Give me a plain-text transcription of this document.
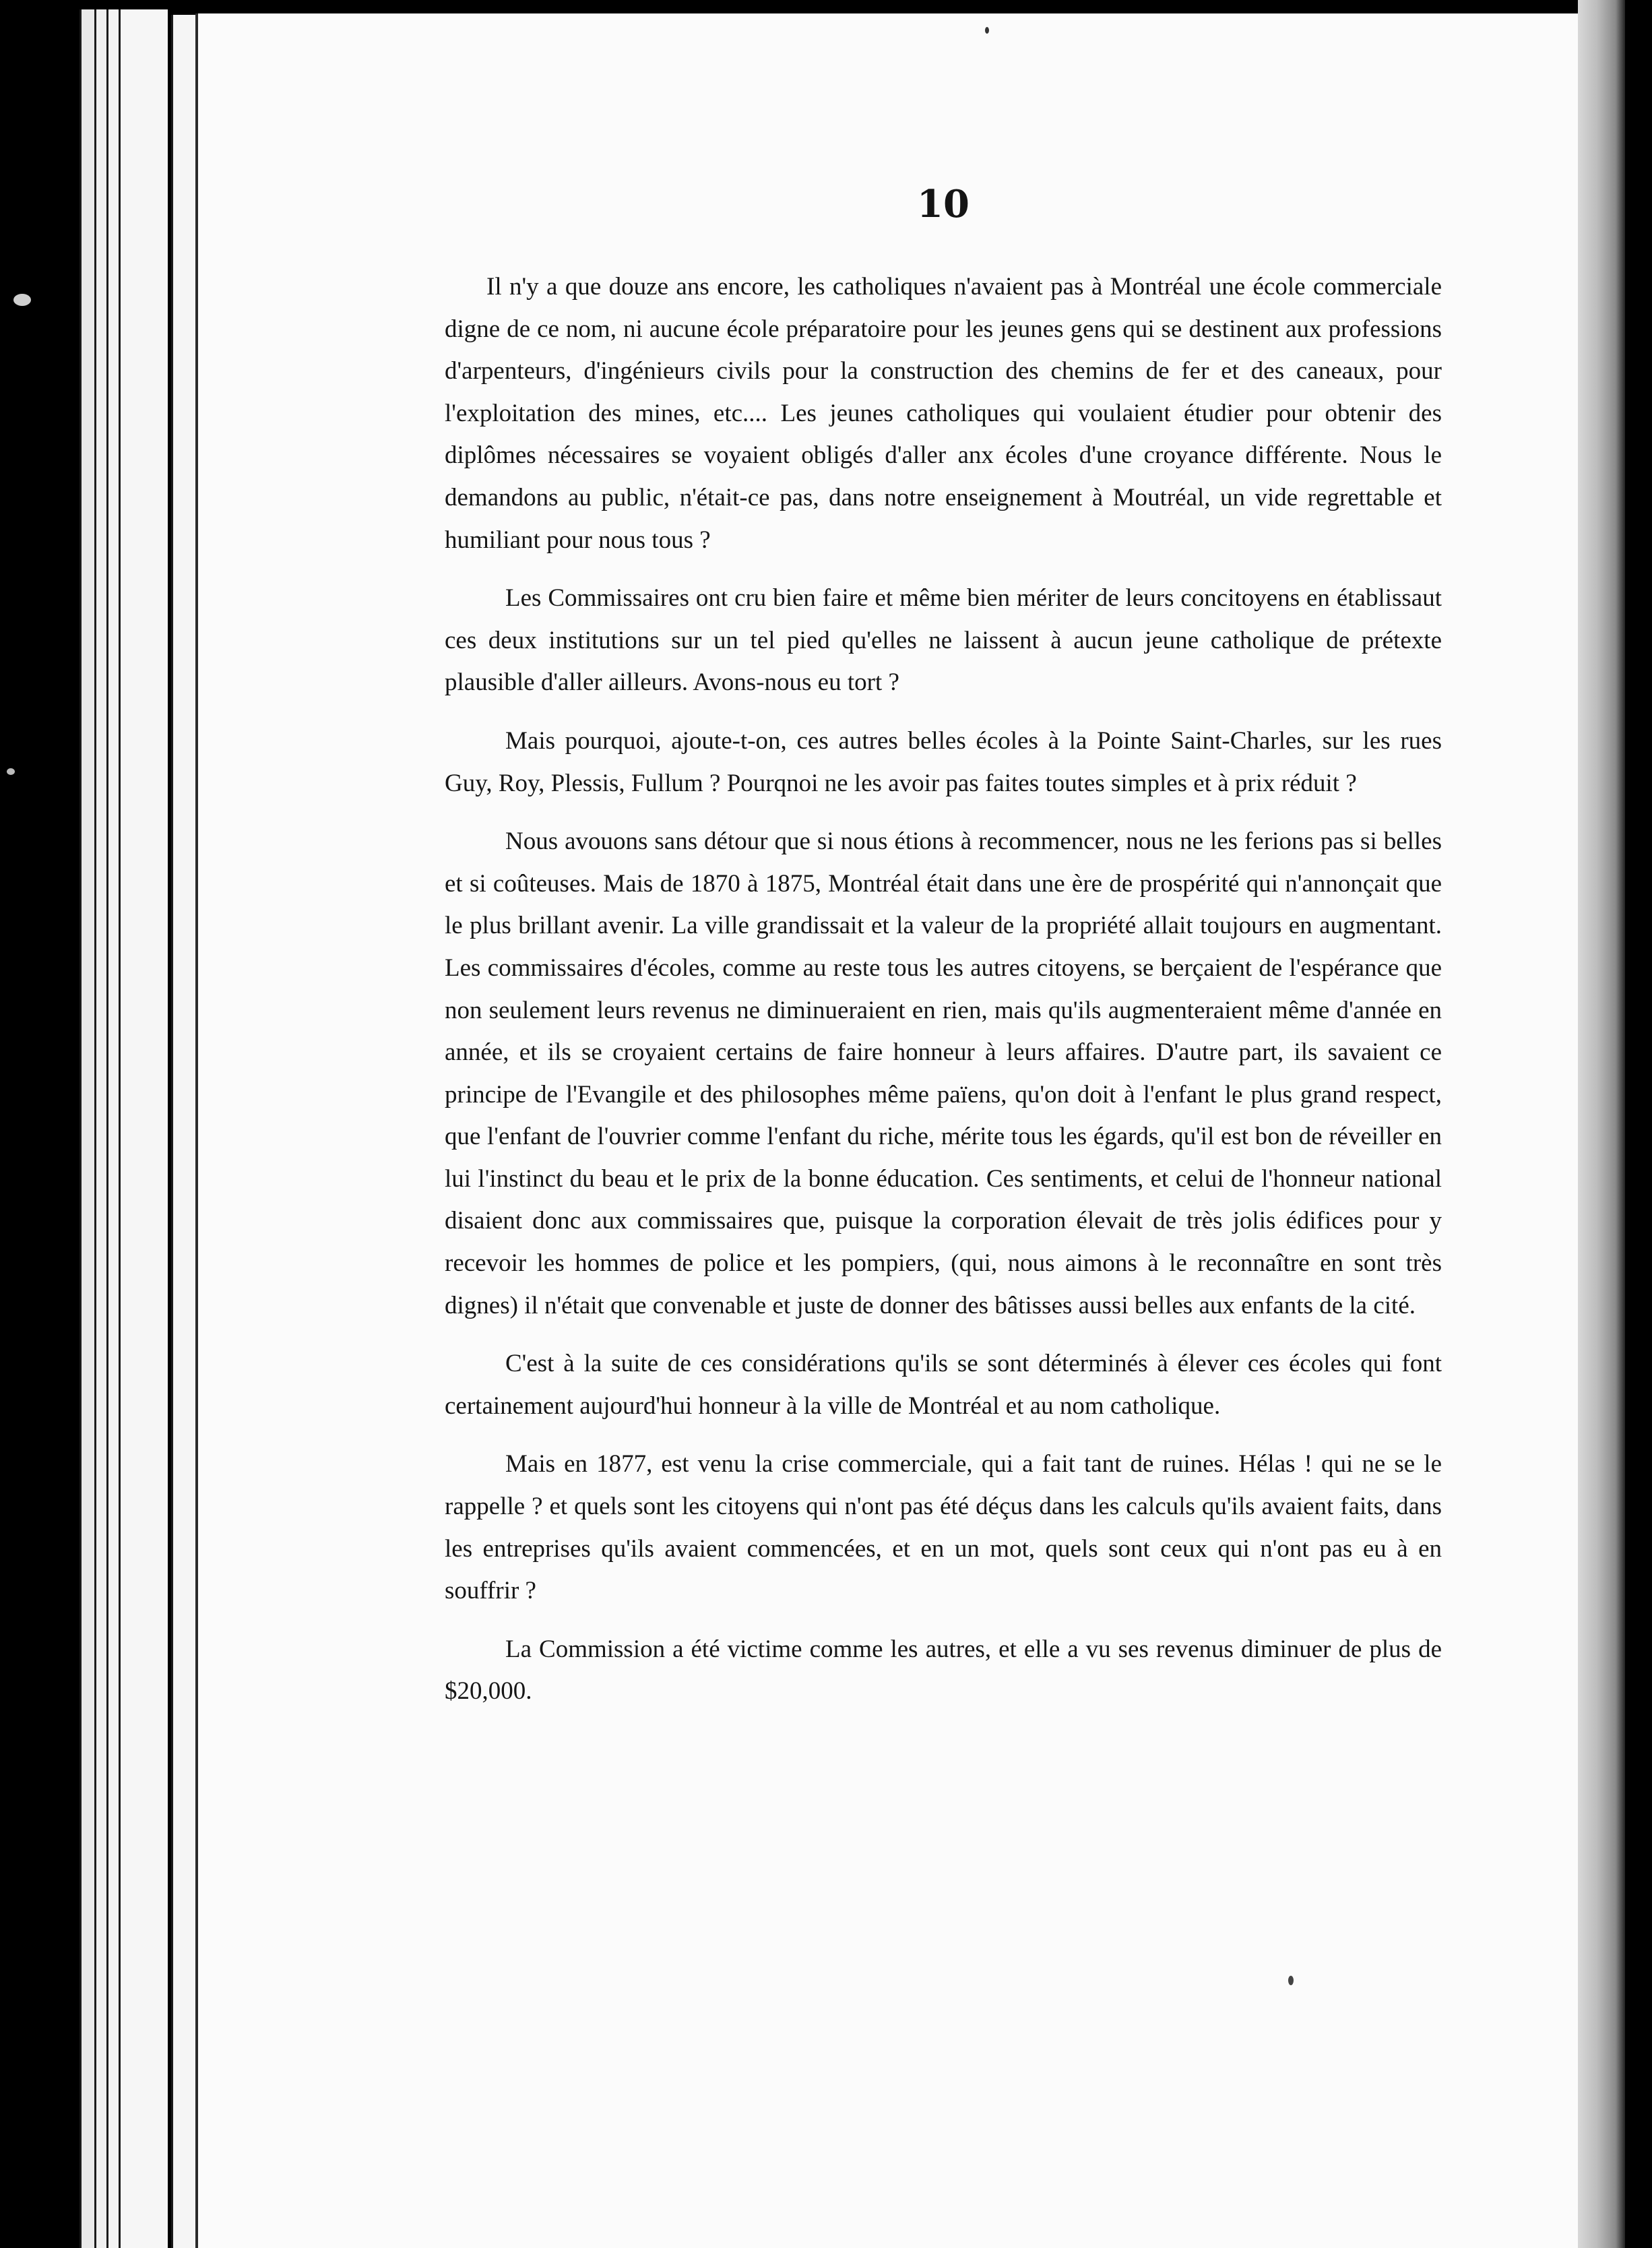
10

Il n'y a que douze ans encore, les catholiques n'avaient pas à Montréal une école commerciale digne de ce nom, ni aucune école préparatoire pour les jeunes gens qui se destinent aux professions d'arpenteurs, d'ingénieurs civils pour la construction des chemins de fer et des caneaux, pour l'exploitation des mines, etc.... Les jeunes catholiques qui voulaient étudier pour obtenir des diplômes nécessaires se voyaient obligés d'aller anx écoles d'une croyance différente. Nous le demandons au public, n'était-ce pas, dans notre enseignement à Moutréal, un vide regrettable et humiliant pour nous tous ?

Les Commissaires ont cru bien faire et même bien mériter de leurs concitoyens en établissaut ces deux institutions sur un tel pied qu'elles ne laissent à aucun jeune catholique de prétexte plausible d'aller ailleurs. Avons-nous eu tort ?

Mais pourquoi, ajoute-t-on, ces autres belles écoles à la Pointe Saint-Charles, sur les rues Guy, Roy, Plessis, Fullum ? Pourqnoi ne les avoir pas faites toutes simples et à prix réduit ?

Nous avouons sans détour que si nous étions à recommencer, nous ne les ferions pas si belles et si coûteuses. Mais de 1870 à 1875, Montréal était dans une ère de prospérité qui n'annonçait que le plus brillant avenir. La ville grandissait et la valeur de la propriété allait toujours en augmentant. Les commissaires d'écoles, comme au reste tous les autres citoyens, se berçaient de l'espérance que non seulement leurs revenus ne diminueraient en rien, mais qu'ils augmenteraient même d'année en année, et ils se croyaient certains de faire honneur à leurs affaires. D'autre part, ils savaient ce principe de l'Evangile et des philosophes même païens, qu'on doit à l'enfant le plus grand respect, que l'enfant de l'ouvrier comme l'enfant du riche, mérite tous les égards, qu'il est bon de réveiller en lui l'instinct du beau et le prix de la bonne éducation. Ces sentiments, et celui de l'honneur national disaient donc aux commissaires que, puisque la corporation élevait de très jolis édifices pour y recevoir les hommes de police et les pompiers, (qui, nous aimons à le reconnaître en sont très dignes) il n'était que convenable et juste de donner des bâtisses aussi belles aux enfants de la cité.

C'est à la suite de ces considérations qu'ils se sont déterminés à élever ces écoles qui font certainement aujourd'hui honneur à la ville de Montréal et au nom catholique.

Mais en 1877, est venu la crise commerciale, qui a fait tant de ruines. Hélas ! qui ne se le rappelle ? et quels sont les citoyens qui n'ont pas été déçus dans les calculs qu'ils avaient faits, dans les entreprises qu'ils avaient commencées, et en un mot, quels sont ceux qui n'ont pas eu à en souffrir ?

La Commission a été victime comme les autres, et elle a vu ses revenus diminuer de plus de $20,000.
